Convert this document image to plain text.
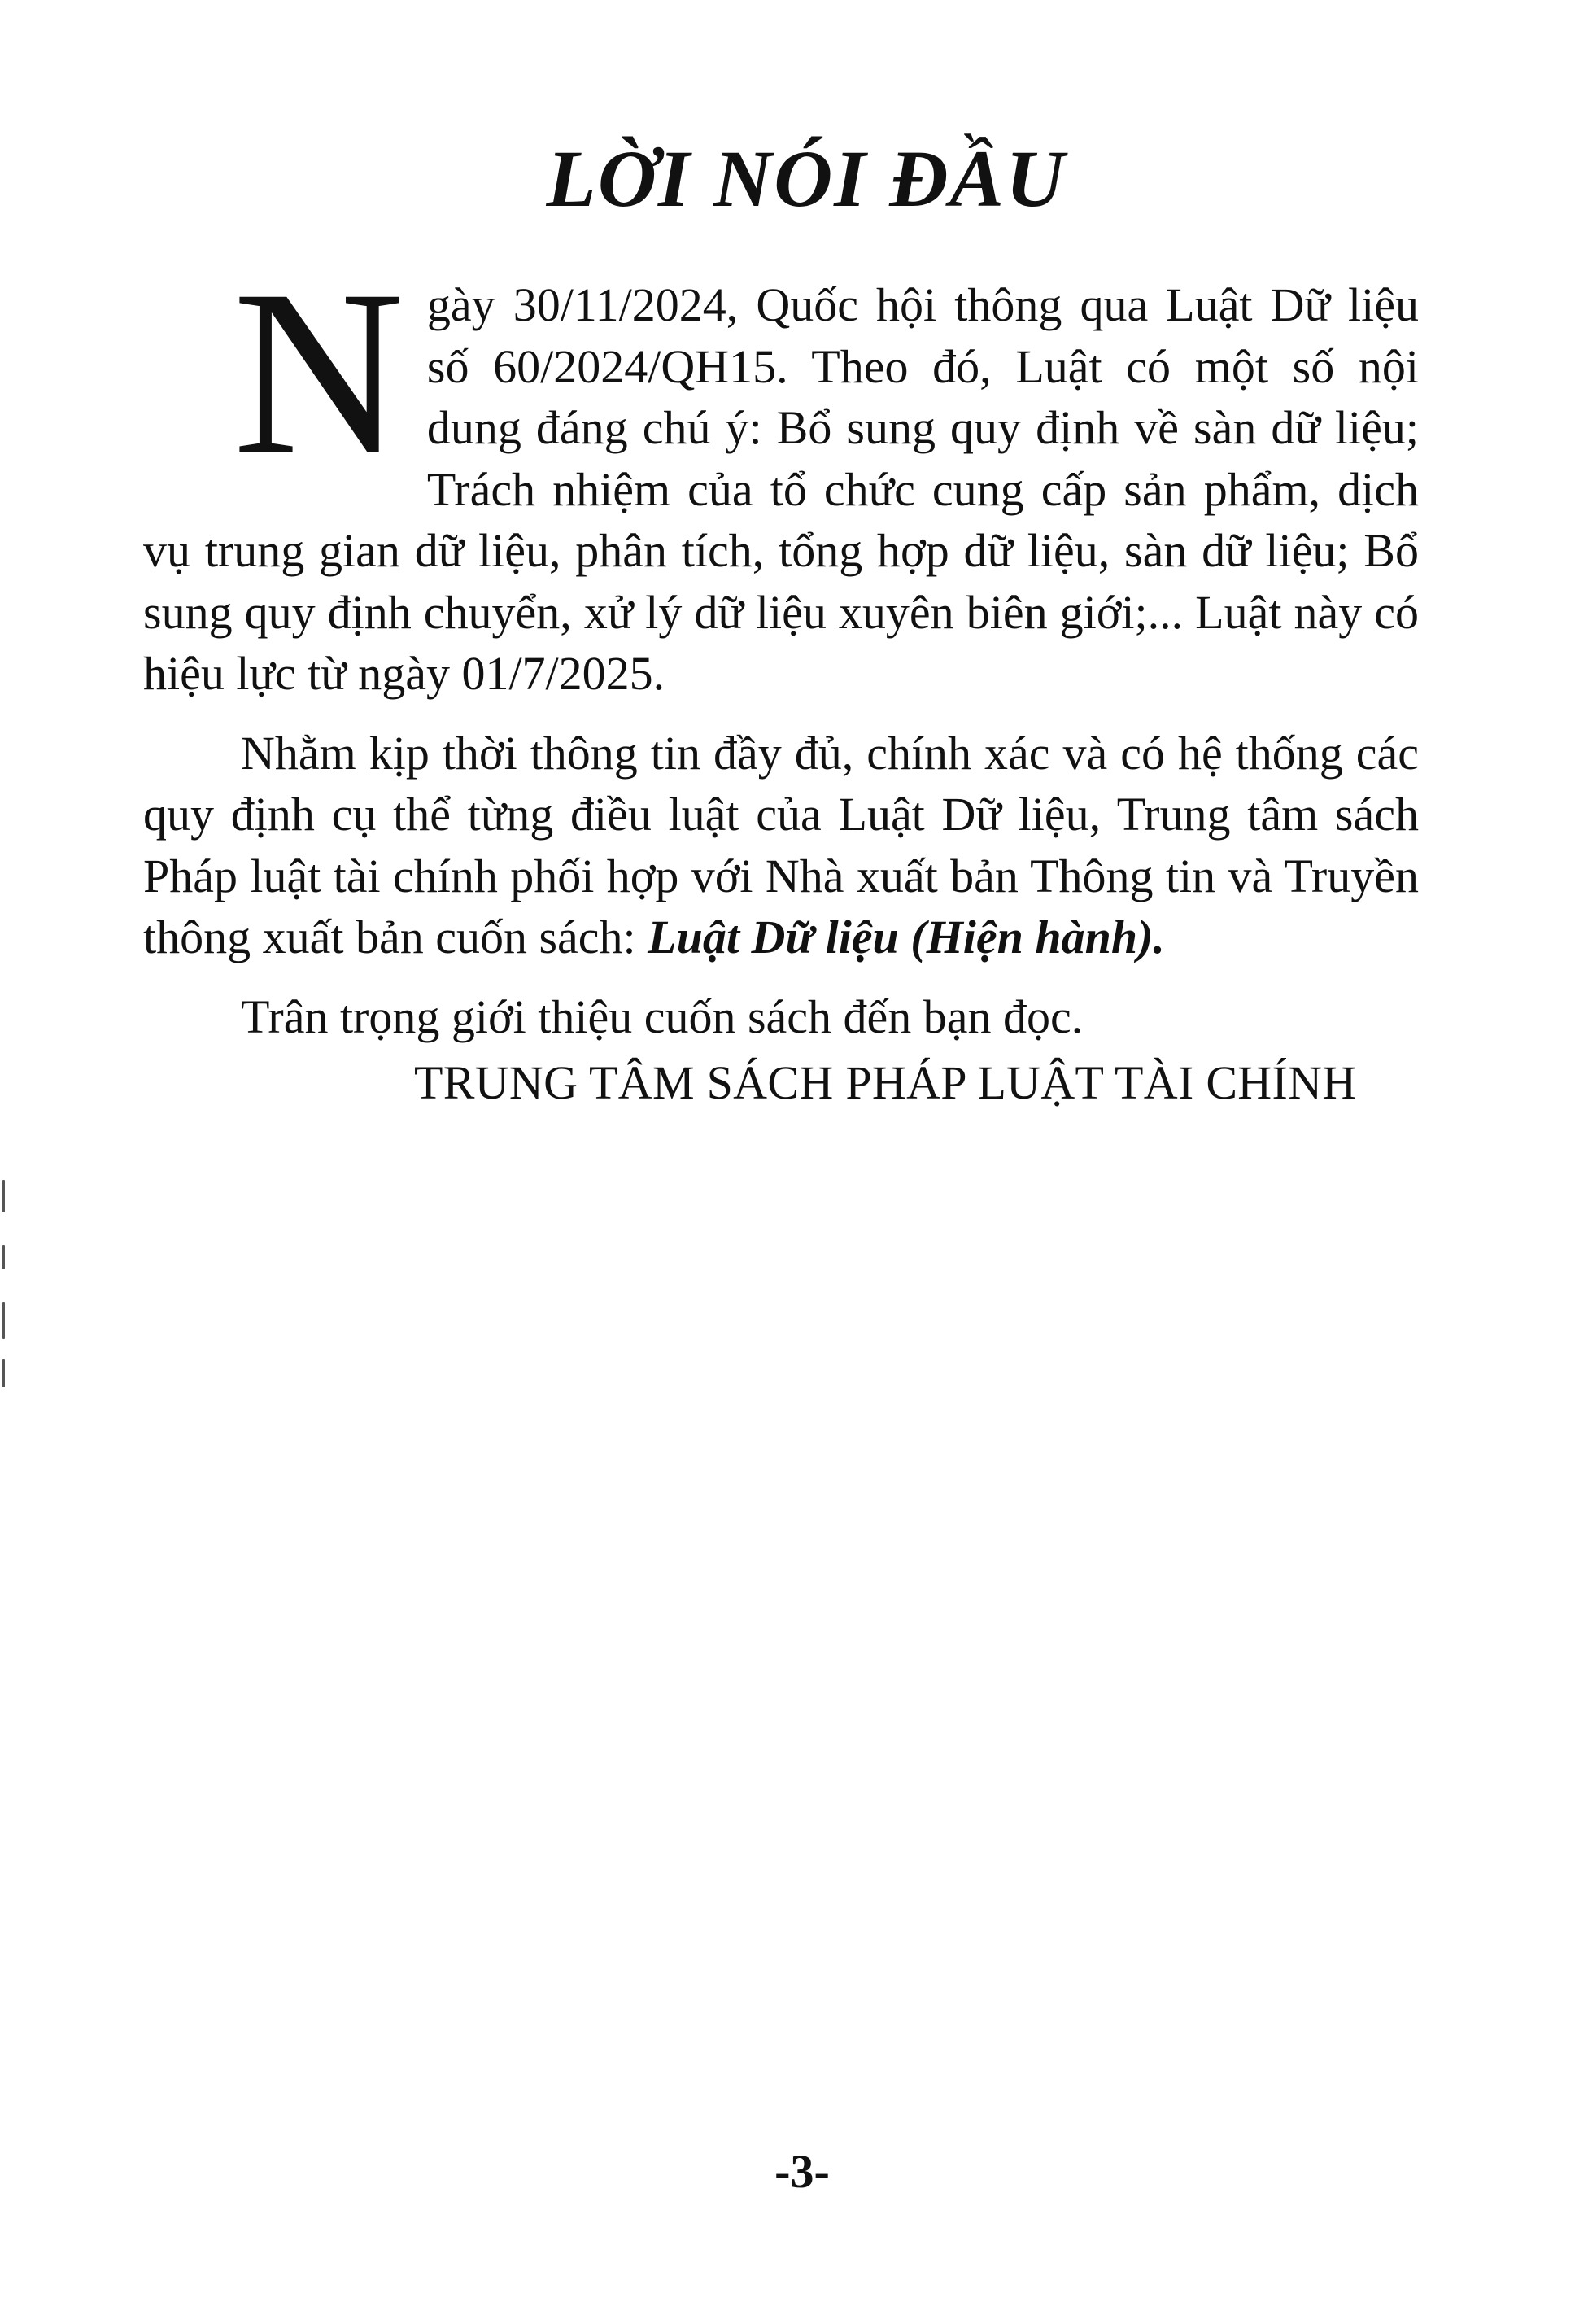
LỜI NÓI ĐẦU

Ngày 30/11/2024, Quốc hội thông qua Luật Dữ liệu số 60/2024/QH15. Theo đó, Luật có một số nội dung đáng chú ý: Bổ sung quy định về sàn dữ liệu; Trách nhiệm của tổ chức cung cấp sản phẩm, dịch vụ trung gian dữ liệu, phân tích, tổng hợp dữ liệu, sàn dữ liệu; Bổ sung quy định chuyển, xử lý dữ liệu xuyên biên giới;... Luật này có hiệu lực từ ngày 01/7/2025.

Nhằm kịp thời thông tin đầy đủ, chính xác và có hệ thống các quy định cụ thể từng điều luật của Luật Dữ liệu, Trung tâm sách Pháp luật tài chính phối hợp với Nhà xuất bản Thông tin và Truyền thông xuất bản cuốn sách: Luật Dữ liệu (Hiện hành).

Trân trọng giới thiệu cuốn sách đến bạn đọc.

TRUNG TÂM SÁCH PHÁP LUẬT TÀI CHÍNH

-3-
